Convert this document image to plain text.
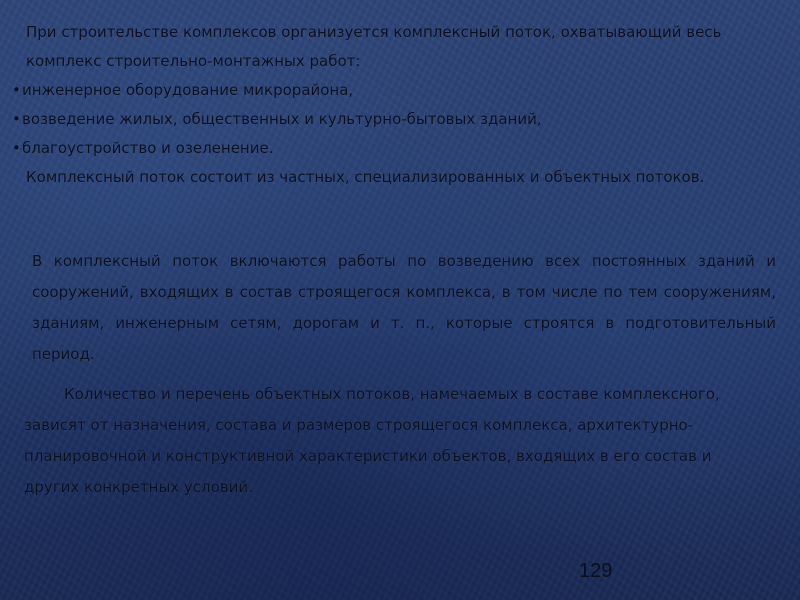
При строительстве комплексов организуется комплексный поток, охватывающий весь комплекс строительно-монтажных работ:

• инженерное оборудование микрорайона,

• возведение жилых, общественных и культурно-бытовых зданий,

• благоустройство и озеленение.

Комплексный поток состоит из частных, специализированных и объектных потоков.

В комплексный поток включаются работы по возведению всех постоянных зданий и сооружений, входящих в состав строящегося комплекса, в том числе по тем сооружениям, зданиям, инженерным сетям, дорогам и т. п., которые строятся в подготовительный период.

Количество и перечень объектных потоков, намечаемых в составе комплексного, зависят от назначения, состава и размеров строящегося комплекса, архитектурно-планировочной и конструктивной характеристики объектов, входящих в его состав и других конкретных условий.

129
